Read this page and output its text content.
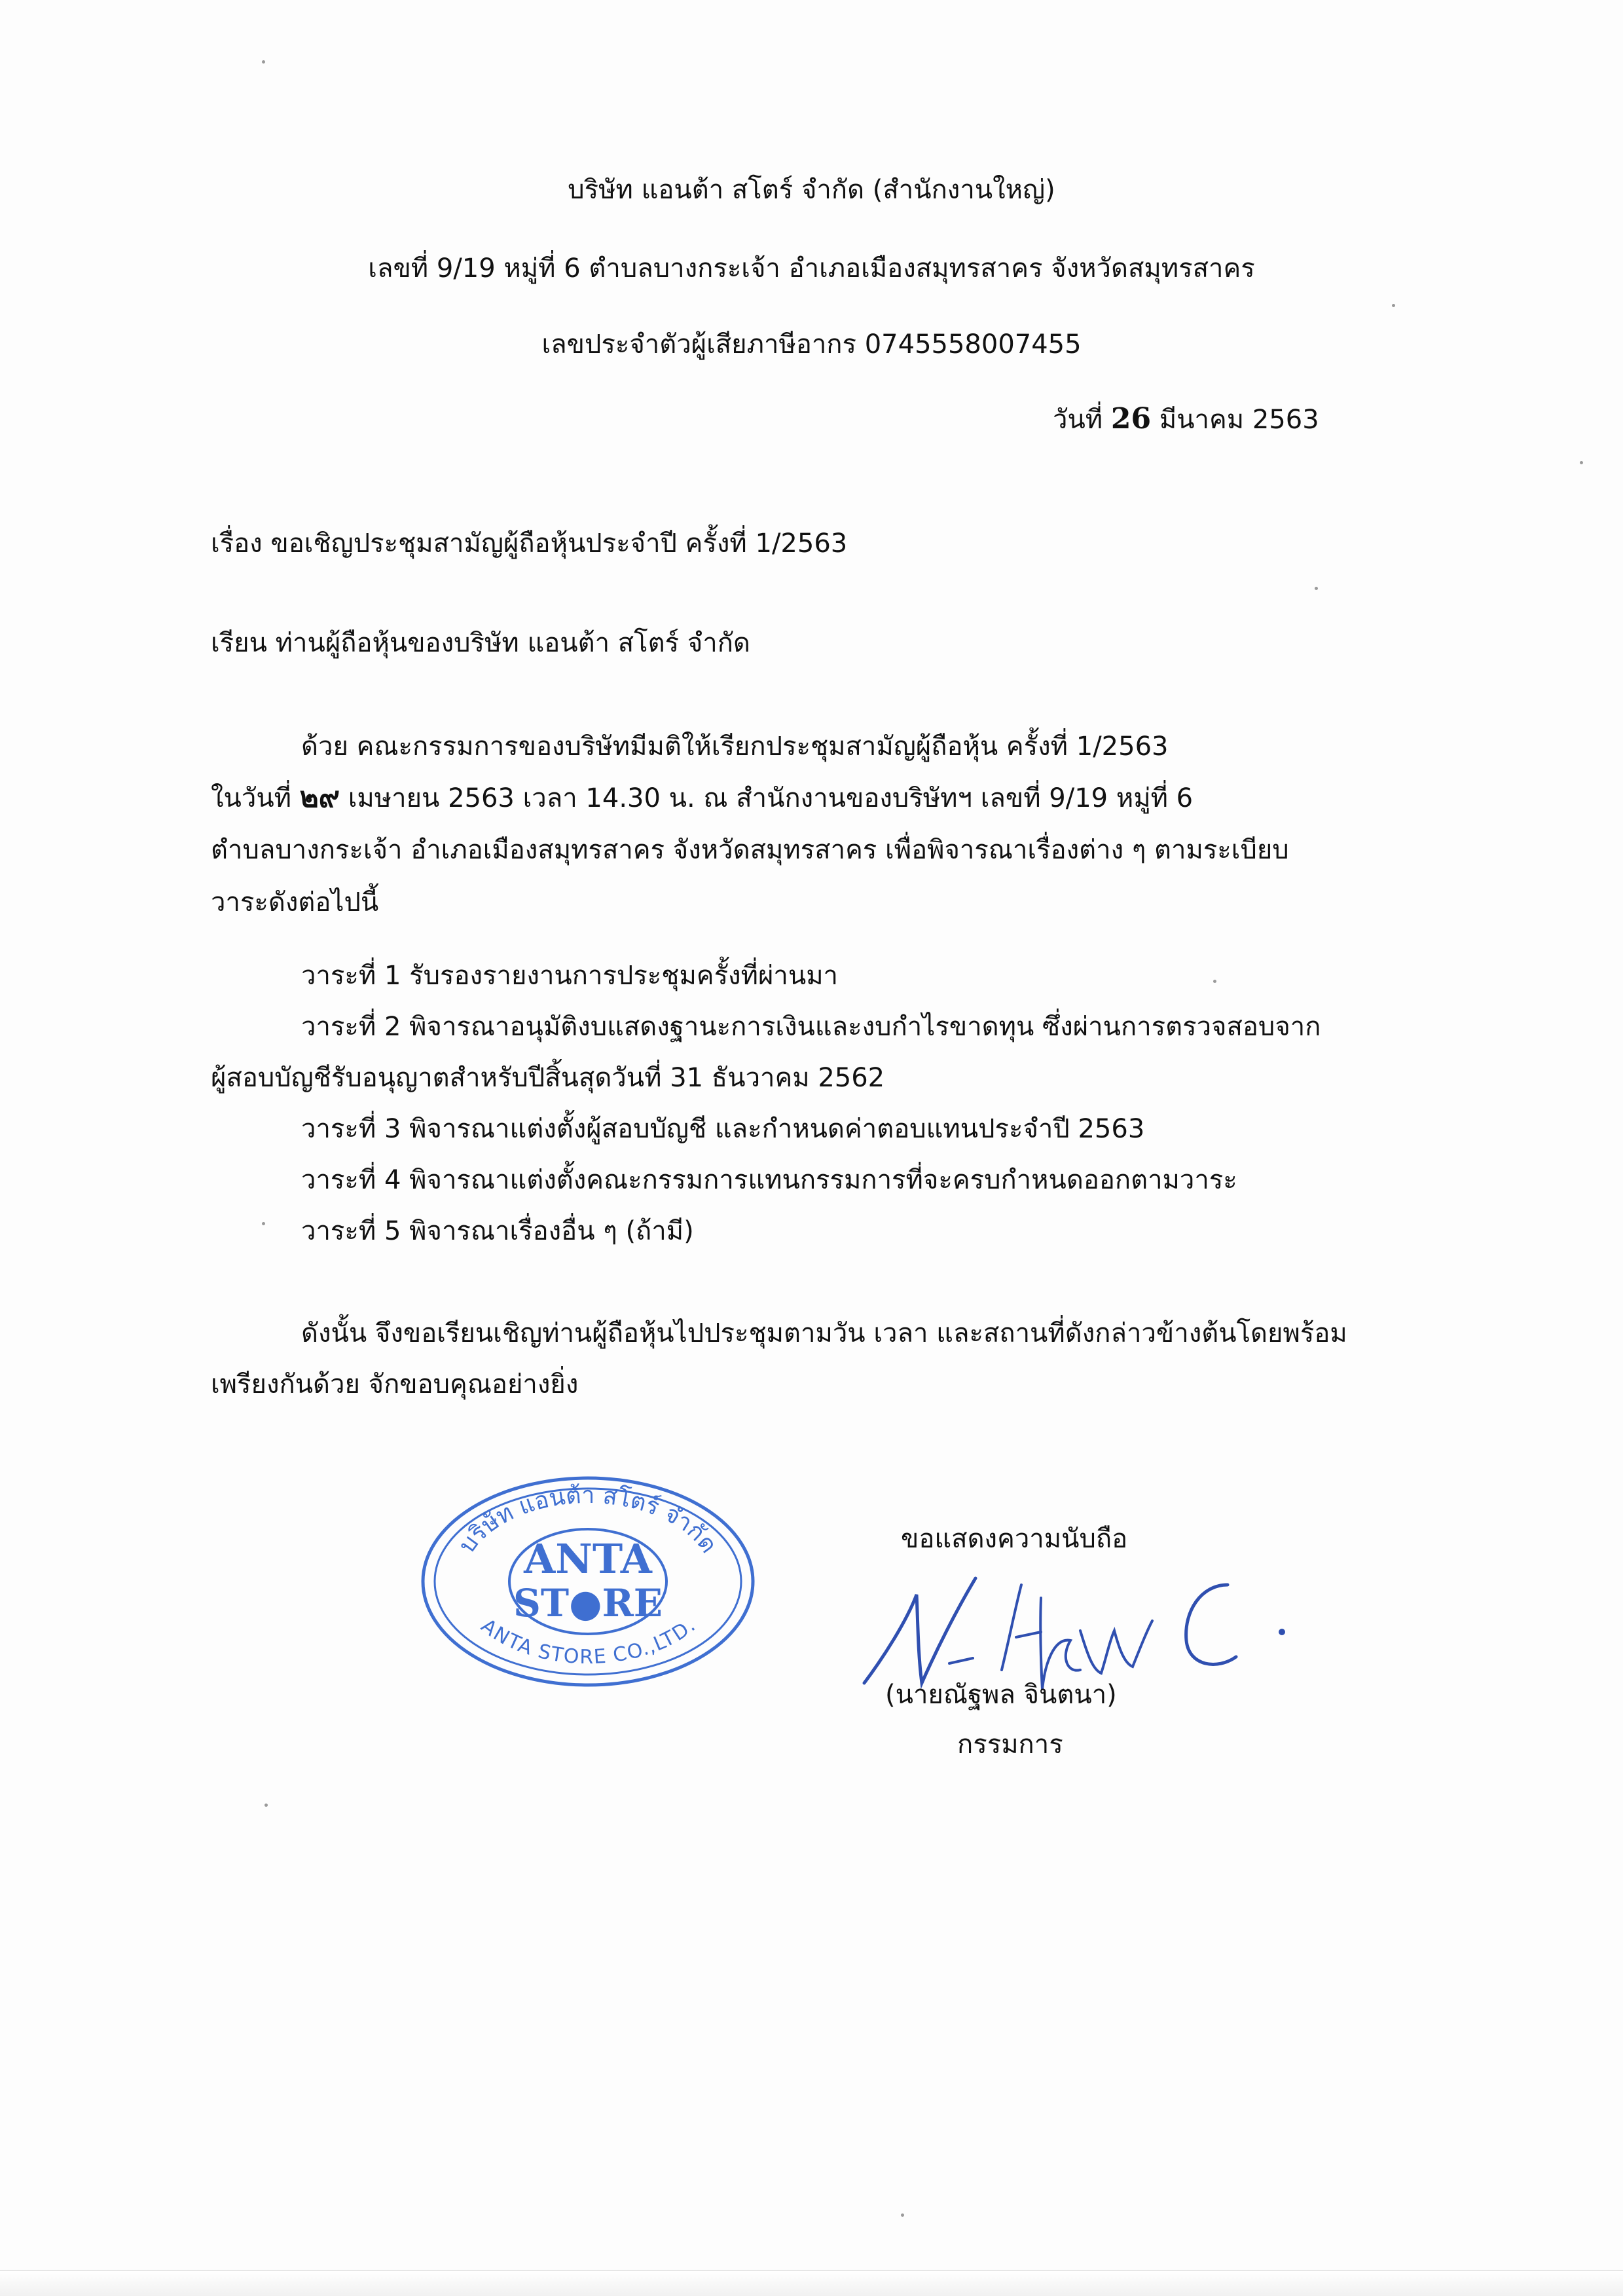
บริษัท แอนต้า สโตร์ จำกัด (สำนักงานใหญ่)
เลขที่ 9/19 หมู่ที่ 6 ตำบลบางกระเจ้า อำเภอเมืองสมุทรสาคร จังหวัดสมุทรสาคร
เลขประจำตัวผู้เสียภาษีอากร 0745558007455
วันที่ 26 มีนาคม 2563
เรื่อง ขอเชิญประชุมสามัญผู้ถือหุ้นประจำปี ครั้งที่ 1/2563
เรียน ท่านผู้ถือหุ้นของบริษัท แอนต้า สโตร์ จำกัด
ด้วย คณะกรรมการของบริษัทมีมติให้เรียกประชุมสามัญผู้ถือหุ้น ครั้งที่ 1/2563
ในวันที่ ๒๙ เมษายน 2563 เวลา 14.30 น. ณ สำนักงานของบริษัทฯ เลขที่ 9/19 หมู่ที่ 6
ตำบลบางกระเจ้า อำเภอเมืองสมุทรสาคร จังหวัดสมุทรสาคร เพื่อพิจารณาเรื่องต่าง ๆ ตามระเบียบ
วาระดังต่อไปนี้
วาระที่ 1 รับรองรายงานการประชุมครั้งที่ผ่านมา
วาระที่ 2 พิจารณาอนุมัติงบแสดงฐานะการเงินและงบกำไรขาดทุน ซึ่งผ่านการตรวจสอบจาก
ผู้สอบบัญชีรับอนุญาตสำหรับปีสิ้นสุดวันที่ 31 ธันวาคม 2562
วาระที่ 3 พิจารณาแต่งตั้งผู้สอบบัญชี และกำหนดค่าตอบแทนประจำปี 2563
วาระที่ 4 พิจารณาแต่งตั้งคณะกรรมการแทนกรรมการที่จะครบกำหนดออกตามวาระ
วาระที่ 5 พิจารณาเรื่องอื่น ๆ (ถ้ามี)
ดังนั้น จึงขอเรียนเชิญท่านผู้ถือหุ้นไปประชุมตามวัน เวลา และสถานที่ดังกล่าวข้างต้นโดยพร้อม
เพรียงกันด้วย จักขอบคุณอย่างยิ่ง
บริษัท แอนต้า สโตร์ จำกัด
ANTA STORE CO.,LTD.
ANTA
ST●RE
ขอแสดงความนับถือ
(นายณัฐพล จินตนา)
กรรมการ
